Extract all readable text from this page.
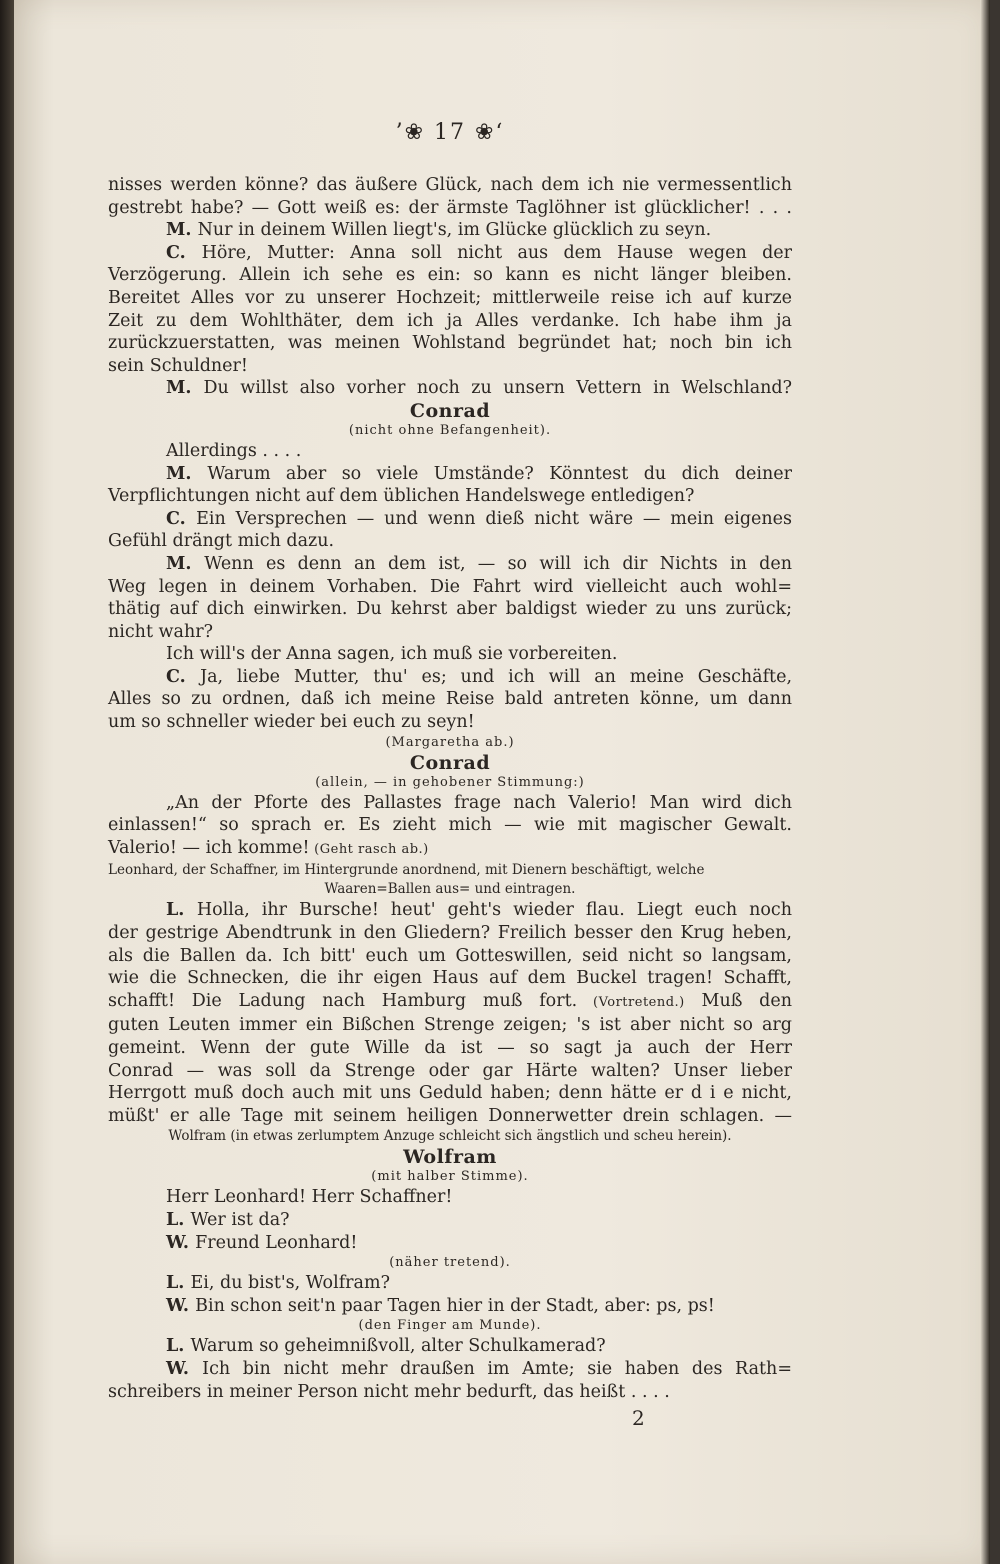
’❀ 17 ❀‘
nisses werden könne? das äußere Glück, nach dem ich nie vermessentlich
gestrebt habe? — Gott weiß es: der ärmste Taglöhner ist glücklicher! . . .
M. Nur in deinem Willen liegt's, im Glücke glücklich zu seyn.
C. Höre, Mutter: Anna soll nicht aus dem Hause wegen der
Verzögerung. Allein ich sehe es ein: so kann es nicht länger bleiben.
Bereitet Alles vor zu unserer Hochzeit; mittlerweile reise ich auf kurze
Zeit zu dem Wohlthäter, dem ich ja Alles verdanke. Ich habe ihm ja
zurückzuerstatten, was meinen Wohlstand begründet hat; noch bin ich
sein Schuldner!
M. Du willst also vorher noch zu unsern Vettern in Welschland?
Conrad
(nicht ohne Befangenheit).
Allerdings . . . .
M. Warum aber so viele Umstände? Könntest du dich deiner
Verpflichtungen nicht auf dem üblichen Handelswege entledigen?
C. Ein Versprechen — und wenn dieß nicht wäre — mein eigenes
Gefühl drängt mich dazu.
M. Wenn es denn an dem ist, — so will ich dir Nichts in den
Weg legen in deinem Vorhaben. Die Fahrt wird vielleicht auch wohl=
thätig auf dich einwirken. Du kehrst aber baldigst wieder zu uns zurück;
nicht wahr?
Ich will's der Anna sagen, ich muß sie vorbereiten.
C. Ja, liebe Mutter, thu' es; und ich will an meine Geschäfte,
Alles so zu ordnen, daß ich meine Reise bald antreten könne, um dann
um so schneller wieder bei euch zu seyn!
(Margaretha ab.)
Conrad
(allein, — in gehobener Stimmung:)
„An der Pforte des Pallastes frage nach Valerio! Man wird dich
einlassen!“ so sprach er. Es zieht mich — wie mit magischer Gewalt.
Valerio! — ich komme! (Geht rasch ab.)
Leonhard, der Schaffner, im Hintergrunde anordnend, mit Dienern beschäftigt, welche
Waaren=Ballen aus= und eintragen.
L. Holla, ihr Bursche! heut' geht's wieder flau. Liegt euch noch
der gestrige Abendtrunk in den Gliedern? Freilich besser den Krug heben,
als die Ballen da. Ich bitt' euch um Gotteswillen, seid nicht so langsam,
wie die Schnecken, die ihr eigen Haus auf dem Buckel tragen! Schafft,
schafft! Die Ladung nach Hamburg muß fort. (Vortretend.) Muß den
guten Leuten immer ein Bißchen Strenge zeigen; 's ist aber nicht so arg
gemeint. Wenn der gute Wille da ist — so sagt ja auch der Herr
Conrad — was soll da Strenge oder gar Härte walten? Unser lieber
Herrgott muß doch auch mit uns Geduld haben; denn hätte er d i e nicht,
müßt' er alle Tage mit seinem heiligen Donnerwetter drein schlagen. —
Wolfram (in etwas zerlumptem Anzuge schleicht sich ängstlich und scheu herein).
Wolfram
(mit halber Stimme).
Herr Leonhard! Herr Schaffner!
L. Wer ist da?
W. Freund Leonhard!
(näher tretend).
L. Ei, du bist's, Wolfram?
W. Bin schon seit'n paar Tagen hier in der Stadt, aber: ps, ps!
(den Finger am Munde).
L. Warum so geheimnißvoll, alter Schulkamerad?
W. Ich bin nicht mehr draußen im Amte; sie haben des Rath=
schreibers in meiner Person nicht mehr bedurft, das heißt . . . .
2
